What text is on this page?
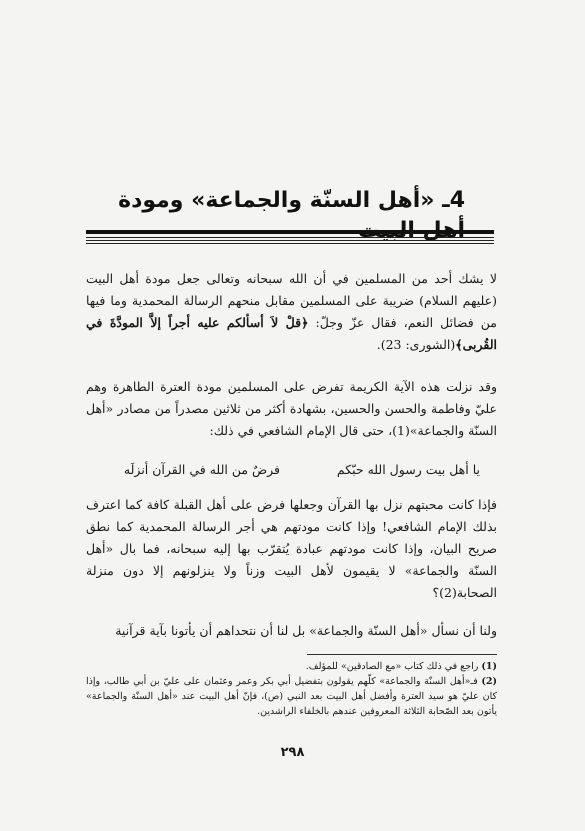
4ـ «أهل السنّة والجماعة» ومودة

لا يشك أحد من المسلمين في أن الله سبحانه وتعالى جعل مودة أهل البيت (عليهم السلام) ضريبة على المسلمين مقابل منحهم الرسالة المحمدية وما فيها من فضائل النعم، فقال عزّ وجلّ: ﴿قلْ لاَ أسألكم عليه أجراً إلاَّ المودَّةَ في القُربى﴾(الشورى: 23).

وقد نزلت هذه الآية الكريمة تفرض على المسلمين مودة العترة الطاهرة وهم عليّ وفاطمة والحسن والحسين، بشهادة أكثر من ثلاثين مصدراً من مصادر «أهل السنّة والجماعة»(1)، حتى قال الإمام الشافعي في ذلك:

يا أهل بيت رسول الله حبّكم
فرضٌ من الله في القرآن أنزلَه

فإذا كانت محبتهم نزل بها القرآن وجعلها فرض على أهل القبلة كافة كما اعترف بذلك الإمام الشافعي! وإذا كانت مودتهم هي أجر الرسالة المحمدية كما نطق صريح البيان، وإذا كانت مودتهم عبادة يُتقرّب بها إليه سبحانه، فما بال «أهل السنّة والجماعة» لا يقيمون لأهل البيت وزناً ولا ينزلونهم إلا دون منزلة الصحابة(2)؟

ولنا أن نسأل «أهل السنّة والجماعة» بل لنا أن نتحداهم أن يأتونا بآية قرآنية

(1) راجع في ذلك كتاب «مع الصادقين» للمؤلف.

(2) فـ«أهل السنّة والجماعة» كلّهم يقولون بتفضيل أبي بكر وعمر وعثمان على عليّ بن أبي طالب، وإذا كان عليّ هو سيد العترة وأفضل أهل البيت بعد النبي (ص)، فإنّ أهل البيت عند «أهل السنّة والجماعة» يأتون بعد الصّحابة الثلاثة المعروفين عندهم بالخلفاء الراشدين.

٢٩٨
